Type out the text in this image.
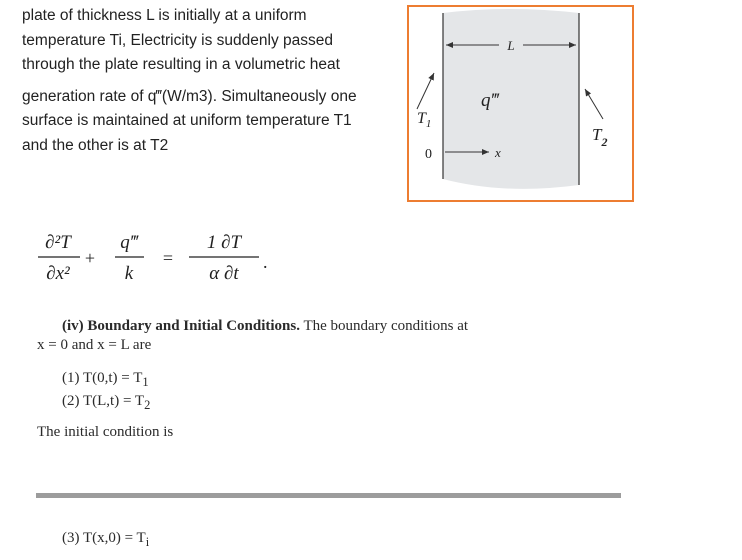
plate of thickness L is initially at a uniform

temperature Ti, Electricity is suddenly passed

through the plate resulting in a volumetric heat

generation rate of q‴(W/m3). Simultaneously one

surface is maintained at uniform temperature T1

and the other is at T2

L
q‴
$T_1$
$T_2$
0	x
∂²T
∂x²
+
q‴
k
=
1 ∂T
α ∂t
.
(iv) Boundary and Initial Conditions. The boundary conditions at
x = 0 and x = L are
(1) $T(0,t) = T_1$
(2) $T(L,t) = T_2$
The initial condition is
(3) $T(x,0) = T_i$
